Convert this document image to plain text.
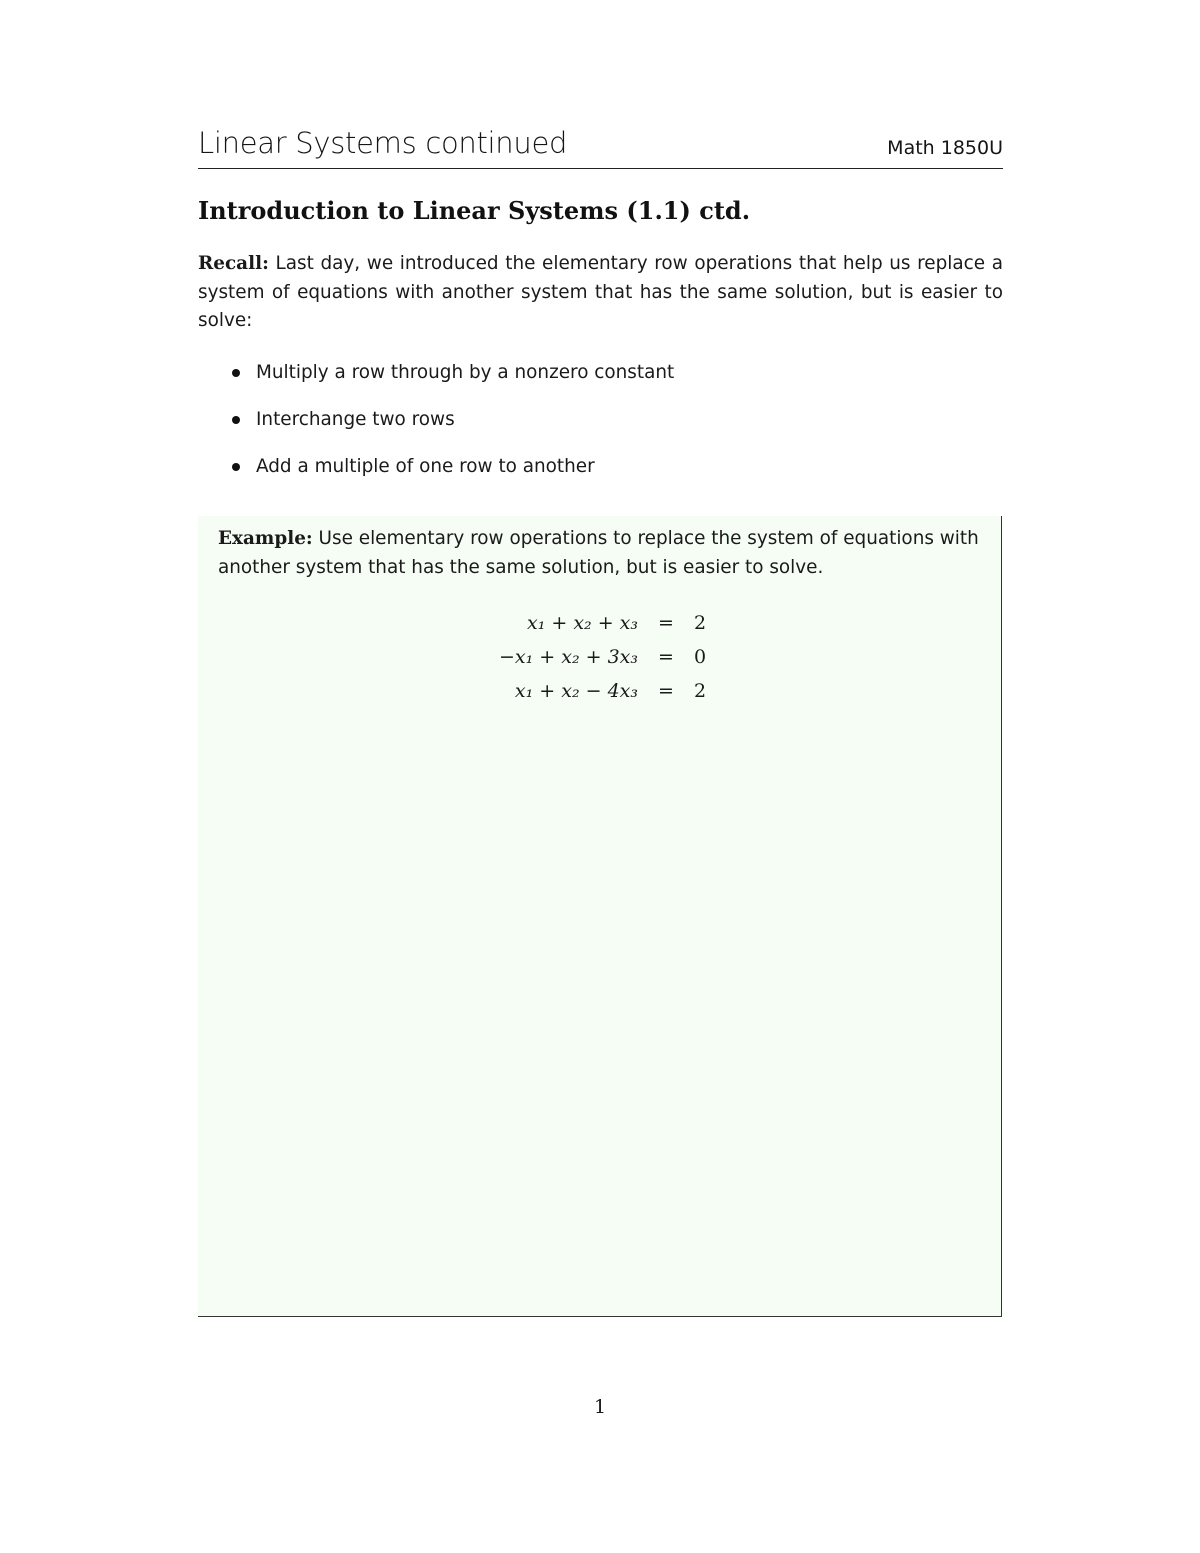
Linear Systems continued	Math 1850U
Introduction to Linear Systems (1.1) ctd.
Recall: Last day, we introduced the elementary row operations that help us replace a system of equations with another system that has the same solution, but is easier to solve:
Multiply a row through by a nonzero constant
Interchange two rows
Add a multiple of one row to another
Example: Use elementary row operations to replace the system of equations with another system that has the same solution, but is easier to solve.
x₁ + x₂ + x₃	=	2
−x₁ + x₂ + 3x₃	=	0
x₁ + x₂ − 4x₃	=	2
1
